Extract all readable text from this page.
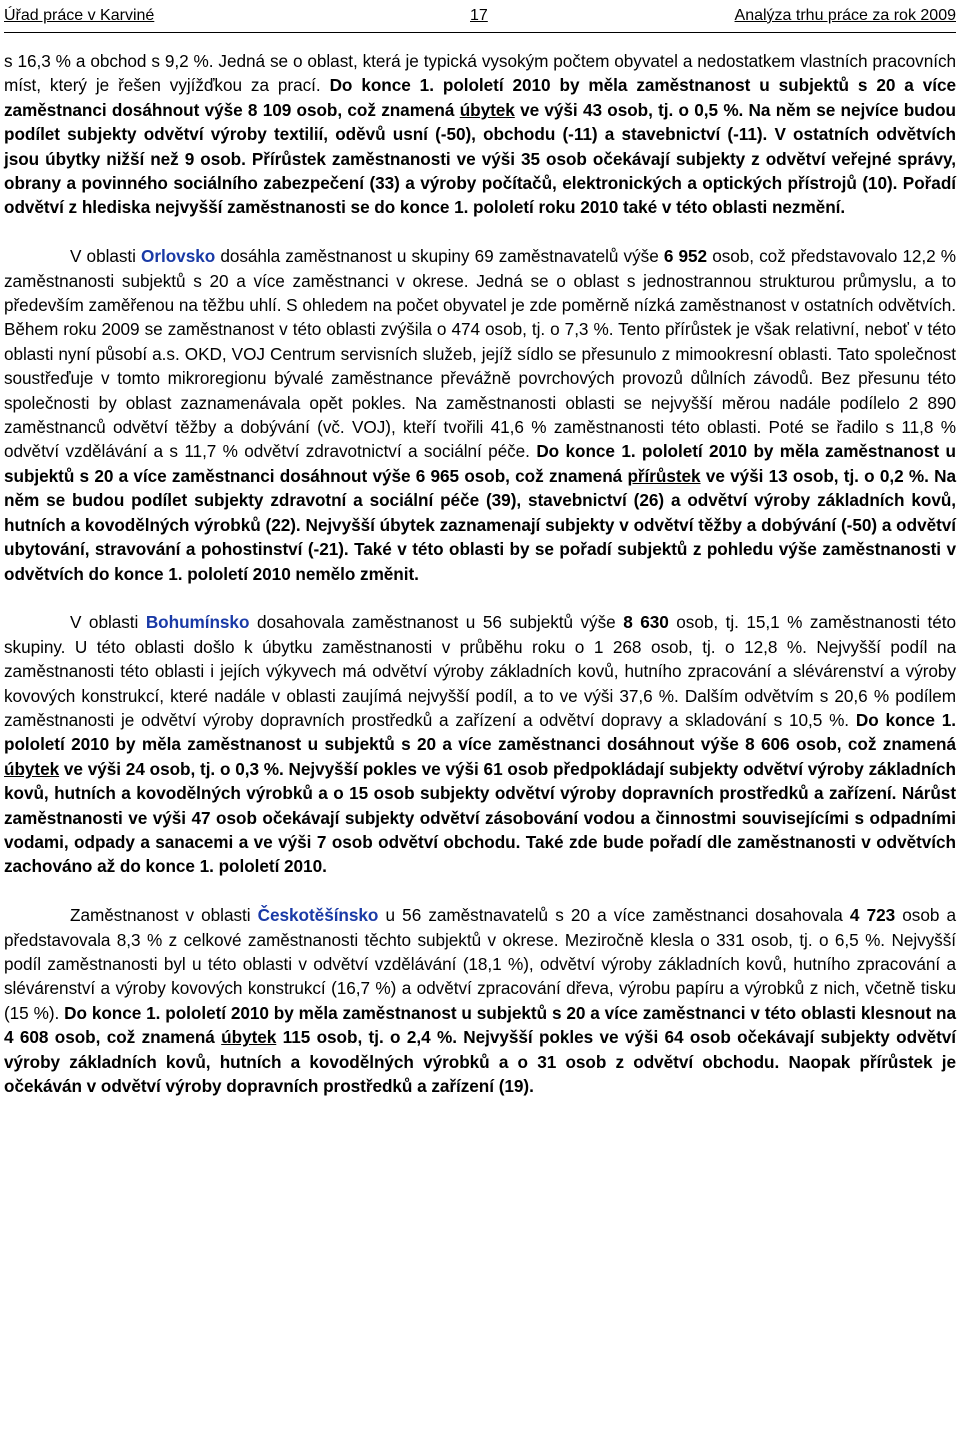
Úřad práce v Karviné	17	Analýza trhu práce za rok 2009

s 16,3 % a obchod s 9,2 %. Jedná se o oblast, která je typická vysokým počtem obyvatel a nedostatkem vlastních pracovních míst, který je řešen vyjížďkou za prací. Do konce 1. pololetí 2010 by měla zaměstnanost u subjektů s 20 a více zaměstnanci dosáhnout výše 8 109 osob, což znamená úbytek ve výši 43 osob, tj. o 0,5 %. Na něm se nejvíce budou podílet subjekty odvětví výroby textilií, oděvů usní (-50), obchodu (-11) a stavebnictví (-11). V ostatních odvětvích jsou úbytky nižší než 9 osob. Přírůstek zaměstnanosti ve výši 35 osob očekávají subjekty z odvětví veřejné správy, obrany a povinného sociálního zabezpečení (33) a výroby počítačů, elektronických a optických přístrojů (10). Pořadí odvětví z hlediska nejvyšší zaměstnanosti se do konce 1. pololetí roku 2010 také v této oblasti nezmění.

V oblasti Orlovsko dosáhla zaměstnanost u skupiny 69 zaměstnavatelů výše 6 952 osob, což představovalo 12,2 % zaměstnanosti subjektů s 20 a více zaměstnanci v okrese. Jedná se o oblast s jednostrannou strukturou průmyslu, a to především zaměřenou na těžbu uhlí. S ohledem na počet obyvatel je zde poměrně nízká zaměstnanost v ostatních odvětvích. Během roku 2009 se zaměstnanost v této oblasti zvýšila o 474 osob, tj. o 7,3 %. Tento přírůstek je však relativní, neboť v této oblasti nyní působí a.s. OKD, VOJ Centrum servisních služeb, jejíž sídlo se přesunulo z mimookresní oblasti. Tato společnost soustřeďuje v tomto mikroregionu bývalé zaměstnance převážně povrchových provozů důlních závodů. Bez přesunu této společnosti by oblast zaznamenávala opět pokles. Na zaměstnanosti oblasti se nejvyšší měrou nadále podílelo 2 890 zaměstnanců odvětví těžby a dobývání (vč. VOJ), kteří tvořili 41,6 % zaměstnanosti této oblasti. Poté se řadilo s 11,8 % odvětví vzdělávání a s 11,7 % odvětví zdravotnictví a sociální péče. Do konce 1. pololetí 2010 by měla zaměstnanost u subjektů s 20 a více zaměstnanci dosáhnout výše 6 965 osob, což znamená přírůstek ve výši 13 osob, tj. o 0,2 %. Na něm se budou podílet subjekty zdravotní a sociální péče (39), stavebnictví (26) a odvětví výroby základních kovů, hutních a kovodělných výrobků (22). Nejvyšší úbytek zaznamenají subjekty v odvětví těžby a dobývání (-50) a odvětví ubytování, stravování a pohostinství (-21). Také v této oblasti by se pořadí subjektů z pohledu výše zaměstnanosti v odvětvích do konce 1. pololetí 2010 nemělo změnit.

V oblasti Bohumínsko dosahovala zaměstnanost u 56 subjektů výše 8 630 osob, tj. 15,1 % zaměstnanosti této skupiny. U této oblasti došlo k úbytku zaměstnanosti v průběhu roku o 1 268 osob, tj. o 12,8 %. Nejvyšší podíl na zaměstnanosti této oblasti i jejích výkyvech má odvětví výroby základních kovů, hutního zpracování a slévárenství a výroby kovových konstrukcí, které nadále v oblasti zaujímá nejvyšší podíl, a to ve výši 37,6 %. Dalším odvětvím s 20,6 % podílem zaměstnanosti je odvětví výroby dopravních prostředků a zařízení a odvětví dopravy a skladování s 10,5 %. Do konce 1. pololetí 2010 by měla zaměstnanost u subjektů s 20 a více zaměstnanci dosáhnout výše 8 606 osob, což znamená úbytek ve výši 24 osob, tj. o 0,3 %. Nejvyšší pokles ve výši 61 osob předpokládají subjekty odvětví výroby základních kovů, hutních a kovodělných výrobků a o 15 osob subjekty odvětví výroby dopravních prostředků a zařízení. Nárůst zaměstnanosti ve výši 47 osob očekávají subjekty odvětví zásobování vodou a činnostmi souvisejícími s odpadními vodami, odpady a sanacemi a ve výši 7 osob odvětví obchodu. Také zde bude pořadí dle zaměstnanosti v odvětvích zachováno až do konce 1. pololetí 2010.

Zaměstnanost v oblasti Českotěšínsko u 56 zaměstnavatelů s 20 a více zaměstnanci dosahovala 4 723 osob a představovala 8,3 % z celkové zaměstnanosti těchto subjektů v okrese. Meziročně klesla o 331 osob, tj. o 6,5 %. Nejvyšší podíl zaměstnanosti byl u této oblasti v odvětví vzdělávání (18,1 %), odvětví výroby základních kovů, hutního zpracování a slévárenství a výroby kovových konstrukcí (16,7 %) a odvětví zpracování dřeva, výrobu papíru a výrobků z nich, včetně tisku (15 %). Do konce 1. pololetí 2010 by měla zaměstnanost u subjektů s 20 a více zaměstnanci v této oblasti klesnout na 4 608 osob, což znamená úbytek 115 osob, tj. o 2,4 %. Nejvyšší pokles ve výši 64 osob očekávají subjekty odvětví výroby základních kovů, hutních a kovodělných výrobků a o 31 osob z odvětví obchodu. Naopak přírůstek je očekáván v odvětví výroby dopravních prostředků a zařízení (19).
